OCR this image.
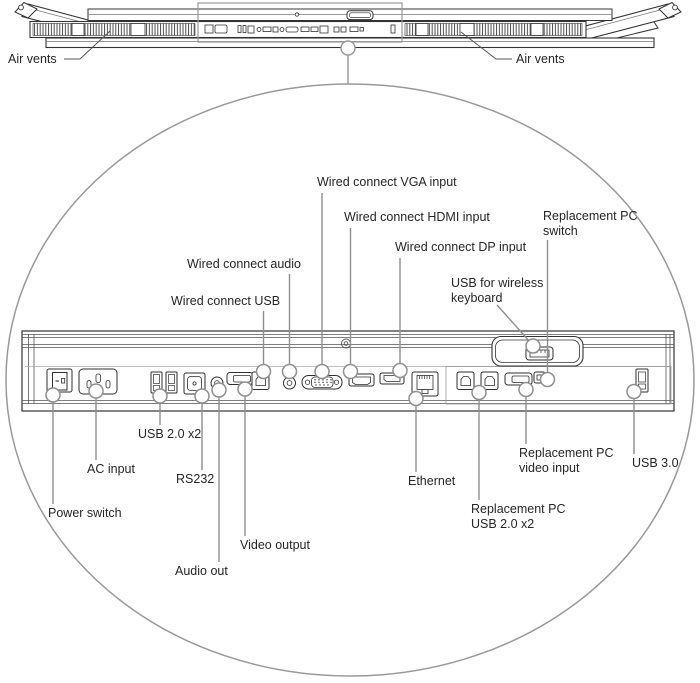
Air vents	Air vents
Wired connect VGA input
Wired connect HDMI input
Wired connect DP input
Wired connect audio
Wired connect USB
USB for wireless keyboard
Replacement PC switch
USB 2.0 x2
AC input
RS232
Power switch
Video output
Audio out
Ethernet
Replacement PC USB 2.0 x2
Replacement PC video input	USB 3.0
